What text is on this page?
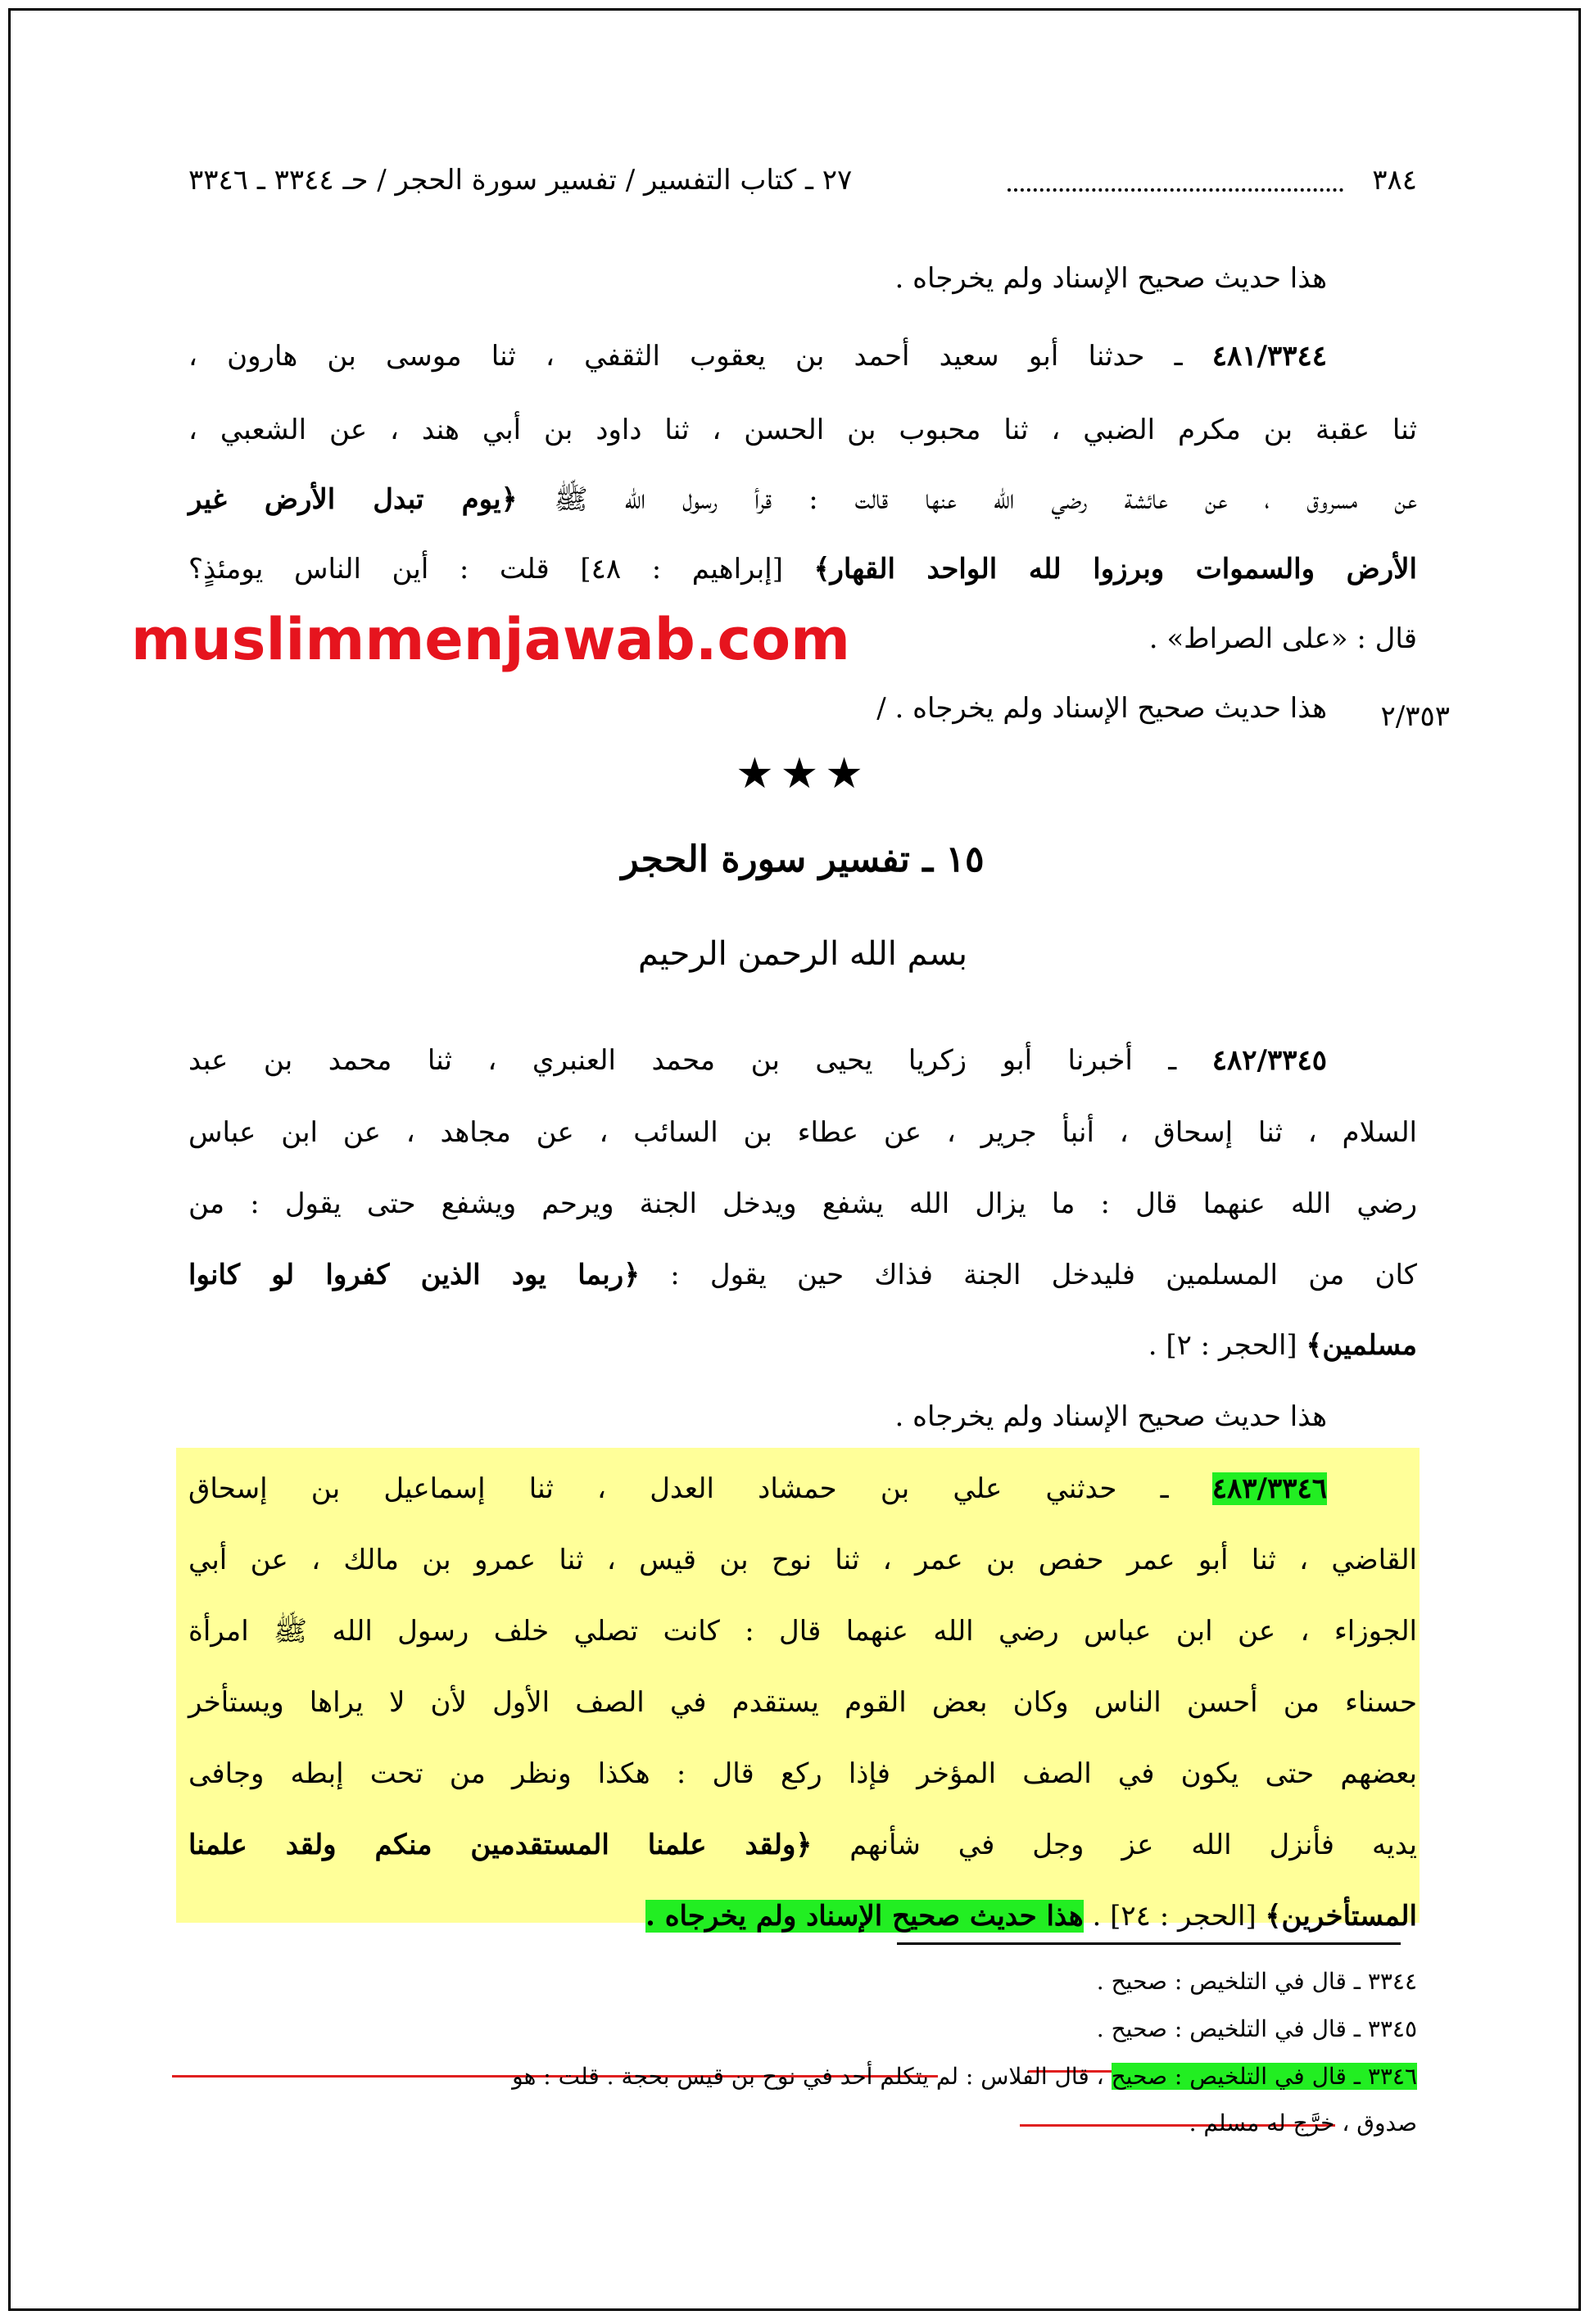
muslimmenjawab.com
٣٨٤
٢٧ ـ كتاب التفسير / تفسير سورة الحجر / حـ ٣٣٤٤ ـ ٣٣٤٦
هذا حديث صحيح الإسناد ولم يخرجاه .
٤٨١/٣٣٤٤ ـ حدثنا أبو سعيد أحمد بن يعقوب الثقفي ، ثنا موسى بن هارون ،
ثنا عقبة بن مكرم الضبي ، ثنا محبوب بن الحسن ، ثنا داود بن أبي هند ، عن الشعبي ،
عن مسروق ، عن عائشة رضي الله عنها قالت : قرأ رسول الله ﷺ ﴿يوم تبدل الأرض غير
الأرض والسموات وبرزوا لله الواحد القهار﴾ [إبراهيم : ٤٨] قلت : أين الناس يومئذٍ؟
قال : «على الصراط» .
٢/٣٥٣
هذا حديث صحيح الإسناد ولم يخرجاه . /
★★★
١٥ ـ تفسير سورة الحجر
بسم الله الرحمن الرحيم
٤٨٢/٣٣٤٥ ـ أخبرنا أبو زكريا يحيى بن محمد العنبري ، ثنا محمد بن عبد
السلام ، ثنا إسحاق ، أنبأ جرير ، عن عطاء بن السائب ، عن مجاهد ، عن ابن عباس
رضي الله عنهما قال : ما يزال الله يشفع ويدخل الجنة ويرحم ويشفع حتى يقول : من
كان من المسلمين فليدخل الجنة فذاك حين يقول : ﴿ربما يود الذين كفروا لو كانوا
مسلمين﴾ [الحجر : ٢] .
هذا حديث صحيح الإسناد ولم يخرجاه .
٤٨٣/٣٣٤٦ ـ حدثني علي بن حمشاد العدل ، ثنا إسماعيل بن إسحاق
القاضي ، ثنا أبو عمر حفص بن عمر ، ثنا نوح بن قيس ، ثنا عمرو بن مالك ، عن أبي
الجوزاء ، عن ابن عباس رضي الله عنهما قال : كانت تصلي خلف رسول الله ﷺ امرأة
حسناء من أحسن الناس وكان بعض القوم يستقدم في الصف الأول لأن لا يراها ويستأخر
بعضهم حتى يكون في الصف المؤخر فإذا ركع قال : هكذا ونظر من تحت إبطه وجافى
يديه فأنزل الله عز وجل في شأنهم ﴿ولقد علمنا المستقدمين منكم ولقد علمنا
المستأخرين﴾ [الحجر : ٢٤] . هذا حديث صحيح الإسناد ولم يخرجاه .
٣٣٤٤ ـ قال في التلخيص : صحيح .
٣٣٤٥ ـ قال في التلخيص : صحيح .
٣٣٤٦ ـ قال في التلخيص : صحيح ، قال الفلاس : لم يتكلم أحد في نوح بن قيس بحجة . قلت : هو
صدوق ، خرَّج له مسلم .
